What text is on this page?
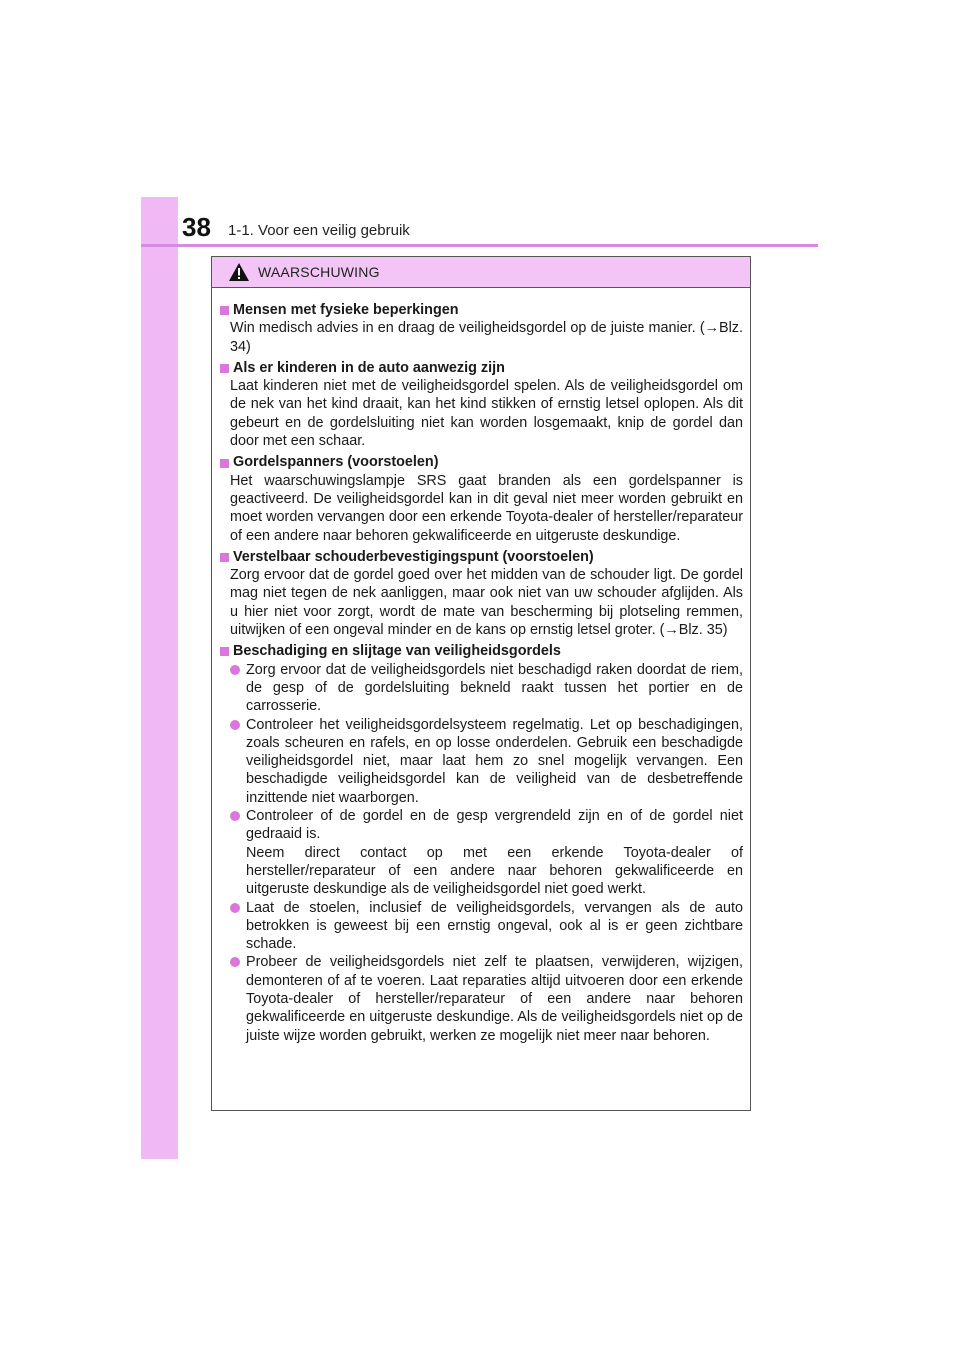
38 1-1. Voor een veilig gebruik
WAARSCHUWING
Mensen met fysieke beperkingen

Win medisch advies in en draag de veiligheidsgordel op de juiste manier. (→Blz. 34)

Als er kinderen in de auto aanwezig zijn

Laat kinderen niet met de veiligheidsgordel spelen. Als de veiligheidsgordel om de nek van het kind draait, kan het kind stikken of ernstig letsel oplopen. Als dit gebeurt en de gordelsluiting niet kan worden losgemaakt, knip de gordel dan door met een schaar.

Gordelspanners (voorstoelen)

Het waarschuwingslampje SRS gaat branden als een gordelspanner is geactiveerd. De veiligheidsgordel kan in dit geval niet meer worden gebruikt en moet worden vervangen door een erkende Toyota-dealer of hersteller/reparateur of een andere naar behoren gekwalificeerde en uitgeruste deskundige.

Verstelbaar schouderbevestigingspunt (voorstoelen)

Zorg ervoor dat de gordel goed over het midden van de schouder ligt. De gordel mag niet tegen de nek aanliggen, maar ook niet van uw schouder afglijden. Als u hier niet voor zorgt, wordt de mate van bescherming bij plotseling remmen, uitwijken of een ongeval minder en de kans op ernstig letsel groter. (→Blz. 35)

Beschadiging en slijtage van veiligheidsgordels

Zorg ervoor dat de veiligheidsgordels niet beschadigd raken doordat de riem, de gesp of de gordelsluiting bekneld raakt tussen het portier en de carrosserie.

Controleer het veiligheidsgordelsysteem regelmatig. Let op beschadigingen, zoals scheuren en rafels, en op losse onderdelen. Gebruik een beschadigde veiligheidsgordel niet, maar laat hem zo snel mogelijk vervangen. Een beschadigde veiligheidsgordel kan de veiligheid van de desbetreffende inzittende niet waarborgen.

Controleer of de gordel en de gesp vergrendeld zijn en of de gordel niet gedraaid is.

Neem direct contact op met een erkende Toyota-dealer of hersteller/reparateur of een andere naar behoren gekwalificeerde en uitgeruste deskundige als de veiligheidsgordel niet goed werkt.

Laat de stoelen, inclusief de veiligheidsgordels, vervangen als de auto betrokken is geweest bij een ernstig ongeval, ook al is er geen zichtbare schade.

Probeer de veiligheidsgordels niet zelf te plaatsen, verwijderen, wijzigen, demonteren of af te voeren. Laat reparaties altijd uitvoeren door een erkende Toyota-dealer of hersteller/reparateur of een andere naar behoren gekwalificeerde en uitgeruste deskundige. Als de veiligheidsgordels niet op de juiste wijze worden gebruikt, werken ze mogelijk niet meer naar behoren.
